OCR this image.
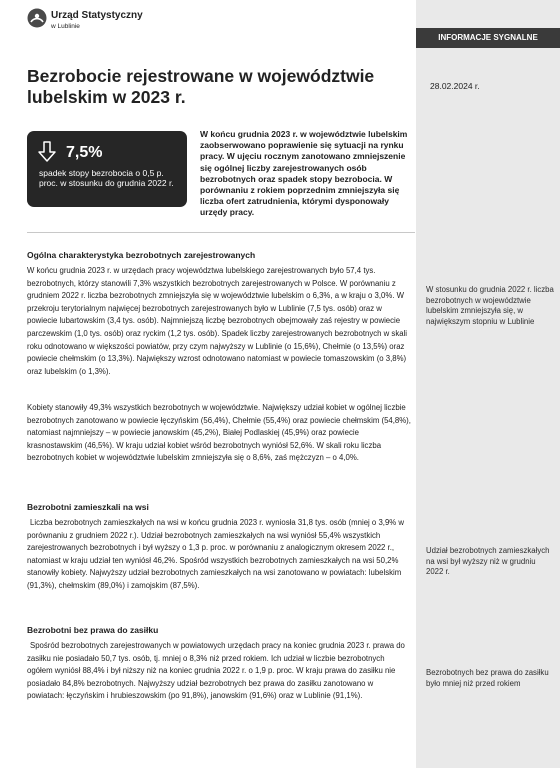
Urząd Statystyczny
w Lublinie
INFORMACJE SYGNALNE
28.02.2024 r.
Bezrobocie rejestrowane w województwie lubelskim w 2023 r.
7,5%
spadek stopy bezrobocia o 0,5 p. proc. w stosunku do grudnia 2022 r.

W końcu grudnia 2023 r. w województwie lubelskim zaobserwowano poprawienie się sytuacji na rynku pracy. W ujęciu rocznym zanotowano zmniejszenie się ogólnej liczby zarejestrowanych osób bezrobotnych oraz spadek stopy bezrobocia. W porównaniu z rokiem poprzednim zmniejszyła się liczba ofert zatrudnienia, którymi dysponowały urzędy pracy.

Ogólna charakterystyka bezrobotnych zarejestrowanych

W końcu grudnia 2023 r. w urzędach pracy województwa lubelskiego zarejestrowanych było 57,4 tys. bezrobotnych, którzy stanowili 7,3% wszystkich bezrobotnych zarejestrowanych w Polsce. W porównaniu z grudniem 2022 r. liczba bezrobotnych zmniejszyła się w województwie lubelskim o 6,3%, a w kraju o 3,0%. W przekroju terytorialnym najwięcej bezrobotnych zarejestrowanych było w Lublinie (7,5 tys. osób) oraz w powiecie lubartowskim (3,4 tys. osób). Najmniejszą liczbę bezrobotnych obejmowały zaś rejestry w powiecie parczewskim (1,0 tys. osób) oraz ryckim (1,2 tys. osób). Spadek liczby zarejestrowanych bezrobotnych w skali roku odnotowano w większości powiatów, przy czym najwyższy w Lublinie (o 15,6%), Chełmie (o 13,5%) oraz powiecie chełmskim (o 13,3%). Największy wzrost odnotowano natomiast w powiecie tomaszowskim (o 3,8%) oraz lubelskim (o 1,3%).

Kobiety stanowiły 49,3% wszystkich bezrobotnych w województwie. Największy udział kobiet w ogólnej liczbie bezrobotnych zanotowano w powiecie łęczyńskim (56,4%), Chełmie (55,4%) oraz powiecie chełmskim (54,8%), natomiast najmniejszy – w powiecie janowskim (45,2%), Białej Podlaskiej (45,9%) oraz powiecie krasnostawskim (46,5%). W kraju udział kobiet wśród bezrobotnych wyniósł 52,6%. W skali roku liczba bezrobotnych kobiet w województwie lubelskim zmniejszyła się o 8,6%, zaś mężczyzn – o 4,0%.

Bezrobotni zamieszkali na wsi

Liczba bezrobotnych zamieszkałych na wsi w końcu grudnia 2023 r. wyniosła 31,8 tys. osób (mniej o 3,9% w porównaniu z grudniem 2022 r.). Udział bezrobotnych zamieszkałych na wsi wyniósł 55,4% wszystkich zarejestrowanych bezrobotnych i był wyższy o 1,3 p. proc. w porównaniu z analogicznym okresem 2022 r., natomiast w kraju udział ten wyniósł 46,2%. Spośród wszystkich bezrobotnych zamieszkałych na wsi 50,2% stanowiły kobiety. Najwyższy udział bezrobotnych zamieszkałych na wsi zanotowano w powiatach: lubelskim (91,3%), chełmskim (89,0%) i zamojskim (87,5%).

Bezrobotni bez prawa do zasiłku

Spośród bezrobotnych zarejestrowanych w powiatowych urzędach pracy na koniec grudnia 2023 r. prawa do zasiłku nie posiadało 50,7 tys. osób, tj. mniej o 8,3% niż przed rokiem. Ich udział w liczbie bezrobotnych ogółem wyniósł 88,4% i był niższy niż na koniec grudnia 2022 r. o 1,9 p. proc. W kraju prawa do zasiłku nie posiadało 84,8% bezrobotnych. Najwyższy udział bezrobotnych bez prawa do zasiłku zanotowano w powiatach: łęczyńskim i hrubieszowskim (po 91,8%), janowskim (91,6%) oraz w Lublinie (91,1%).

W stosunku do grudnia 2022 r. liczba bezrobotnych w województwie lubelskim zmniejszyła się, w największym stopniu w Lublinie

Udział bezrobotnych zamieszkałych na wsi był wyższy niż w grudniu 2022 r.

Bezrobotnych bez prawa do zasiłku było mniej niż przed rokiem
